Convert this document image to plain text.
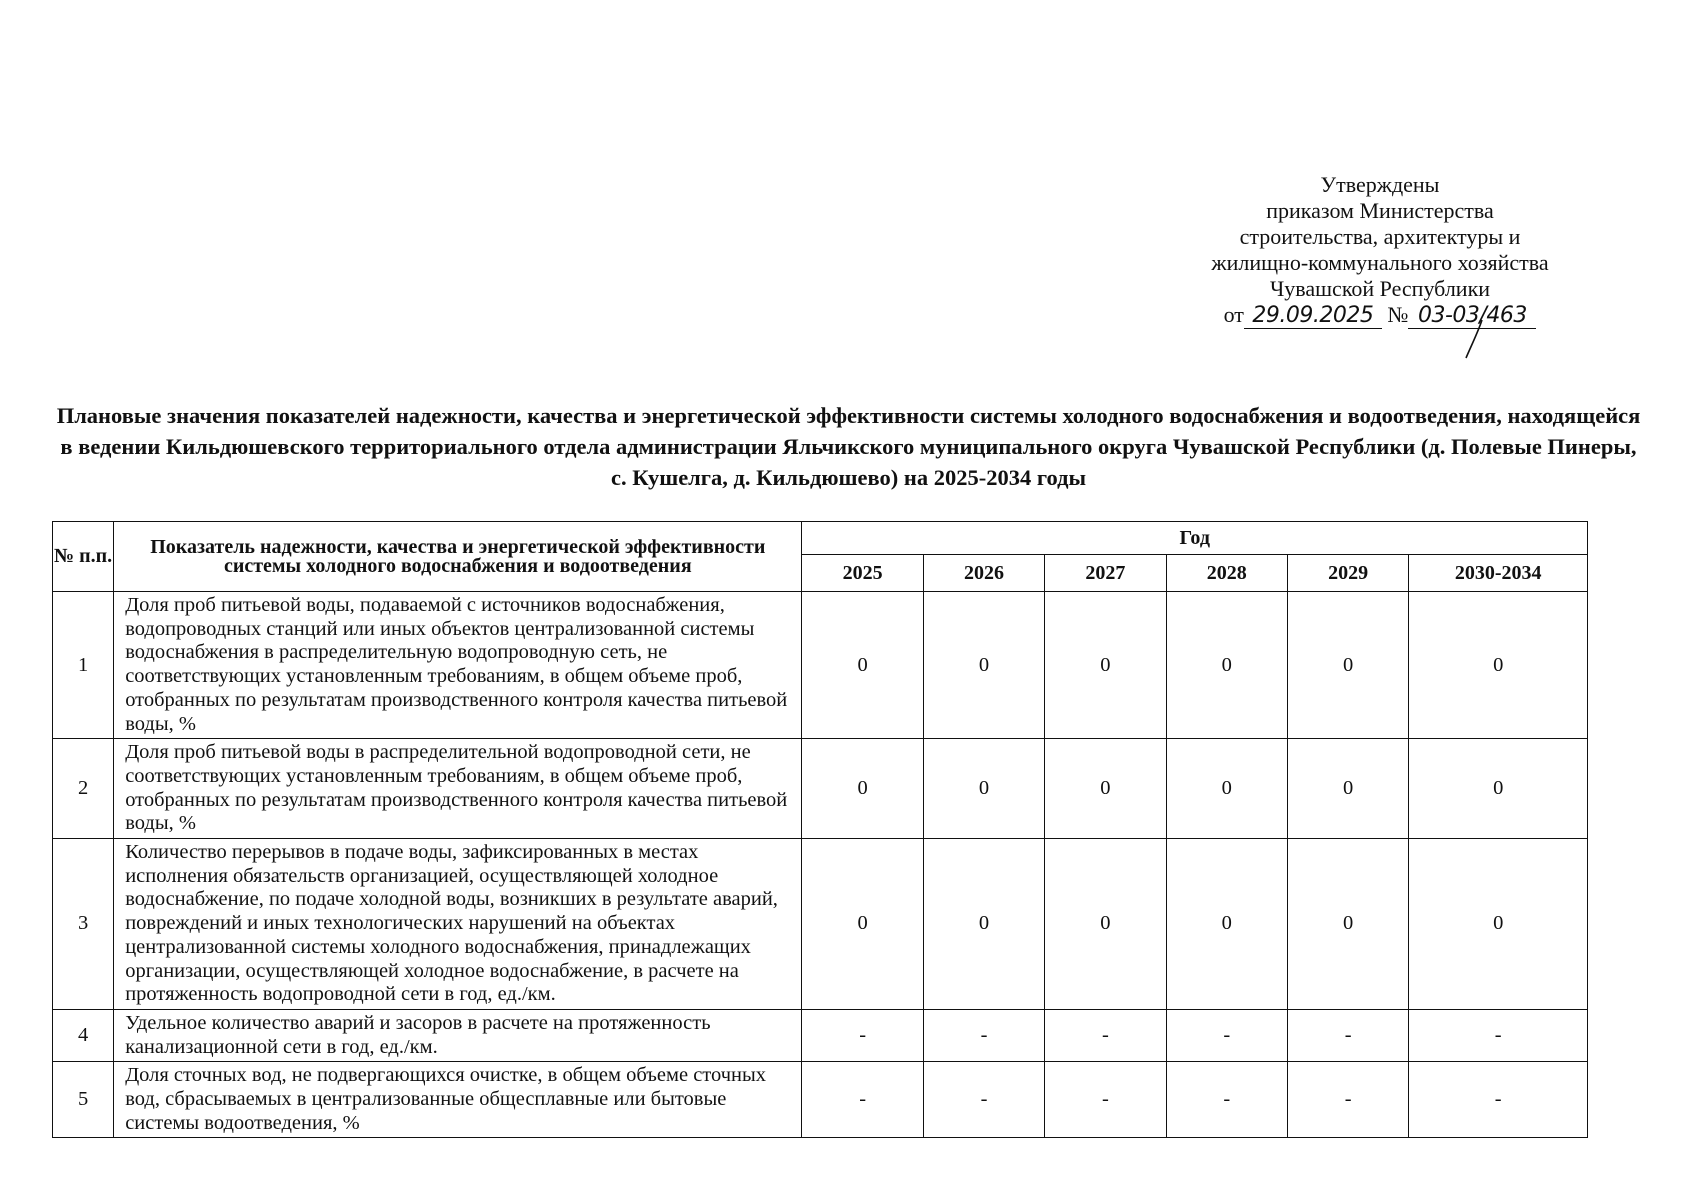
Утверждены
приказом Министерства
строительства, архитектуры и
жилищно-коммунального хозяйства
Чувашской Республики
от 29.09.2025 № 03-03/463
Плановые значения показателей надежности, качества и энергетической эффективности системы холодного водоснабжения и водоотведения, находящейся в ведении Кильдюшевского территориального отдела администрации Яльчикского муниципального округа Чувашской Республики (д. Полевые Пинеры, с. Кушелга, д. Кильдюшево) на 2025-2034 годы
№ п.п.	Показатель надежности, качества и энергетической эффективности системы холодного водоснабжения и водоотведения	Год					
		2025	2026	2027	2028	2029	2030-2034
1	Доля проб питьевой воды, подаваемой с источников водоснабжения, водопроводных станций или иных объектов централизованной системы водоснабжения в распределительную водопроводную сеть, не соответствующих установленным требованиям, в общем объеме проб, отобранных по результатам производственного контроля качества питьевой воды, %	0	0	0	0	0	0
2	Доля проб питьевой воды в распределительной водопроводной сети, не соответствующих установленным требованиям, в общем объеме проб, отобранных по результатам производственного контроля качества питьевой воды, %	0	0	0	0	0	0
3	Количество перерывов в подаче воды, зафиксированных в местах исполнения обязательств организацией, осуществляющей холодное водоснабжение, по подаче холодной воды, возникших в результате аварий, повреждений и иных технологических нарушений на объектах централизованной системы холодного водоснабжения, принадлежащих организации, осуществляющей холодное водоснабжение, в расчете на протяженность водопроводной сети в год, ед./км.	0	0	0	0	0	0
4	Удельное количество аварий и засоров в расчете на протяженность канализационной сети в год, ед./км.	-	-	-	-	-	-
5	Доля сточных вод, не подвергающихся очистке, в общем объеме сточных вод, сбрасываемых в централизованные общесплавные или бытовые системы водоотведения, %	-	-	-	-	-	-
